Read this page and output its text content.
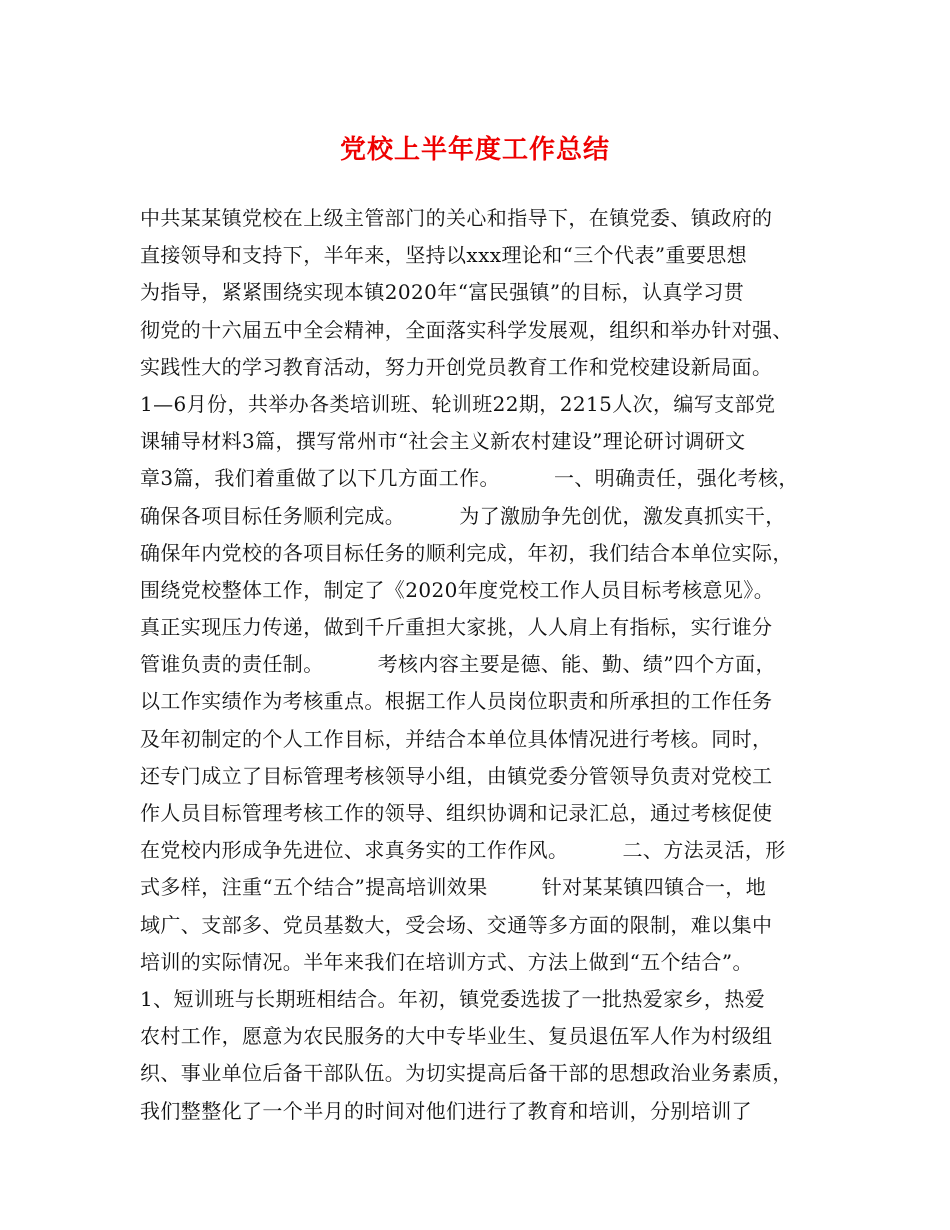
党校上半年度工作总结
中共某某镇党校在上级主管部门的关心和指导下，在镇党委、镇政府的
直接领导和支持下，半年来，坚持以xxx理论和“三个代表”重要思想
为指导，紧紧围绕实现本镇2020年“富民强镇”的目标，认真学习贯
彻党的十六届五中全会精神，全面落实科学发展观，组织和举办针对强、
实践性大的学习教育活动，努力开创党员教育工作和党校建设新局面。
1—6月份，共举办各类培训班、轮训班22期，2215人次，编写支部党
课辅导材料3篇，撰写常州市“社会主义新农村建设”理论研讨调研文
章3篇，我们着重做了以下几方面工作。        一、明确责任，强化考核，
确保各项目标任务顺利完成。        为了激励争先创优，激发真抓实干，
确保年内党校的各项目标任务的顺利完成，年初，我们结合本单位实际，
围绕党校整体工作，制定了《2020年度党校工作人员目标考核意见》。
真正实现压力传递，做到千斤重担大家挑，人人肩上有指标，实行谁分
管谁负责的责任制。        考核内容主要是德、能、勤、绩”四个方面，
以工作实绩作为考核重点。根据工作人员岗位职责和所承担的工作任务
及年初制定的个人工作目标，并结合本单位具体情况进行考核。同时，
还专门成立了目标管理考核领导小组，由镇党委分管领导负责对党校工
作人员目标管理考核工作的领导、组织协调和记录汇总，通过考核促使
在党校内形成争先进位、求真务实的工作作风。        二、方法灵活，形
式多样，注重“五个结合”提高培训效果        针对某某镇四镇合一，地
域广、支部多、党员基数大，受会场、交通等多方面的限制，难以集中
培训的实际情况。半年来我们在培训方式、方法上做到“五个结合”。
1、短训班与长期班相结合。年初，镇党委选拔了一批热爱家乡，热爱
农村工作，愿意为农民服务的大中专毕业生、复员退伍军人作为村级组
织、事业单位后备干部队伍。为切实提高后备干部的思想政治业务素质，
我们整整化了一个半月的时间对他们进行了教育和培训，分别培训了
